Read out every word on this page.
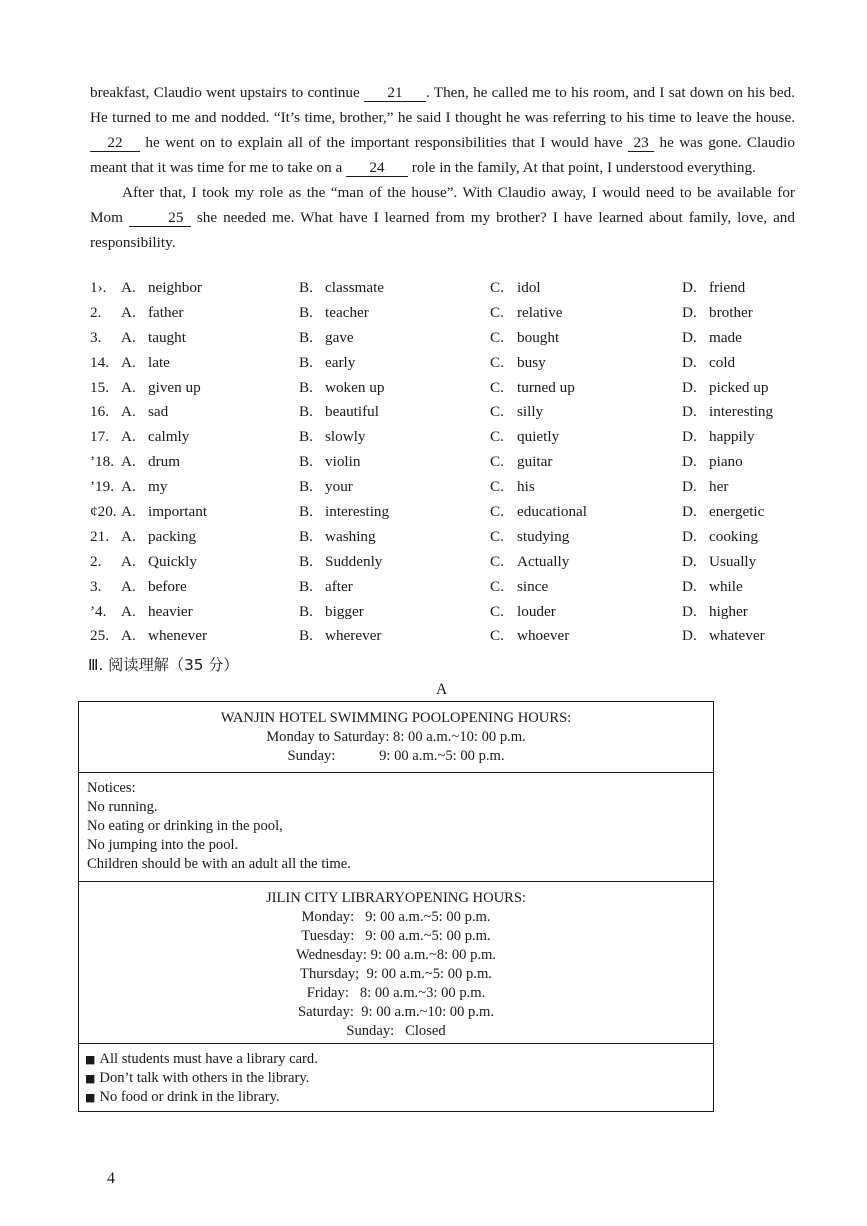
breakfast, Claudio went upstairs to continue 21 . Then, he called me to his room, and I sat down on his bed. He turned to me and nodded. “It’s time, brother,” he said I thought he was referring to his time to leave the house. 22 he went on to explain all of the important responsibilities that I would have 23 he was gone. Claudio meant that it was time for me to take on a 24 role in the family, At that point, I understood everything.

After that, I took my role as the “man of the house”. With Claudio away, I would need to be available for Mom	25 she needed me. What have I learned from my brother? I have learned about family, love, and responsibility.

1›. A. neighbor	B. classmate	C. idol	D. friend
2. A. father	B. teacher	C. relative	D. brother
3. A. taught	B. gave	C. bought	D. made
14. A. late	B. early	C. busy	D. cold
15. A. given up	B. woken up	C. turned up	D. picked up
16. A. sad	B. beautiful	C. silly	D. interesting
17. A. calmly	B. slowly	C. quietly	D. happily
’18. A. drum	B. violin	C. guitar	D. piano
’19. A. my	B. your	C. his	D. her
¢20. A. important	B. interesting	C. educational	D. energetic
21. A. packing	B. washing	C. studying	D. cooking
2. A. Quickly	B. Suddenly	C. Actually	D. Usually
3. A. before	B. after	C. since	D. while
’4. A. heavier	B. bigger	C. louder	D. higher
25. A. whenever	B. wherever	C. whoever	D. whatever
Ⅲ. 阅读理解（35 分）
A
WANJIN HOTEL SWIMMING POOLOPENING HOURS:
Monday to Saturday: 8: 00 a.m.~10: 00 p.m.
Sunday:            9: 00 a.m.~5: 00 p.m.
Notices:
No running.
No eating or drinking in the pool,
No jumping into the pool.
Children should be with an adult all the time.
JILIN CITY LIBRARYOPENING HOURS:
Monday:   9: 00 a.m.~5: 00 p.m.
Tuesday:   9: 00 a.m.~5: 00 p.m.
Wednesday: 9: 00 a.m.~8: 00 p.m.
Thursday;  9: 00 a.m.~5: 00 p.m.
Friday:   8: 00 a.m.~3: 00 p.m.
Saturday:  9: 00 a.m.~10: 00 p.m.
Sunday:   Closed
■ All students must have a library card.
■ Don’t talk with others in the library.
■ No food or drink in the library.
4
